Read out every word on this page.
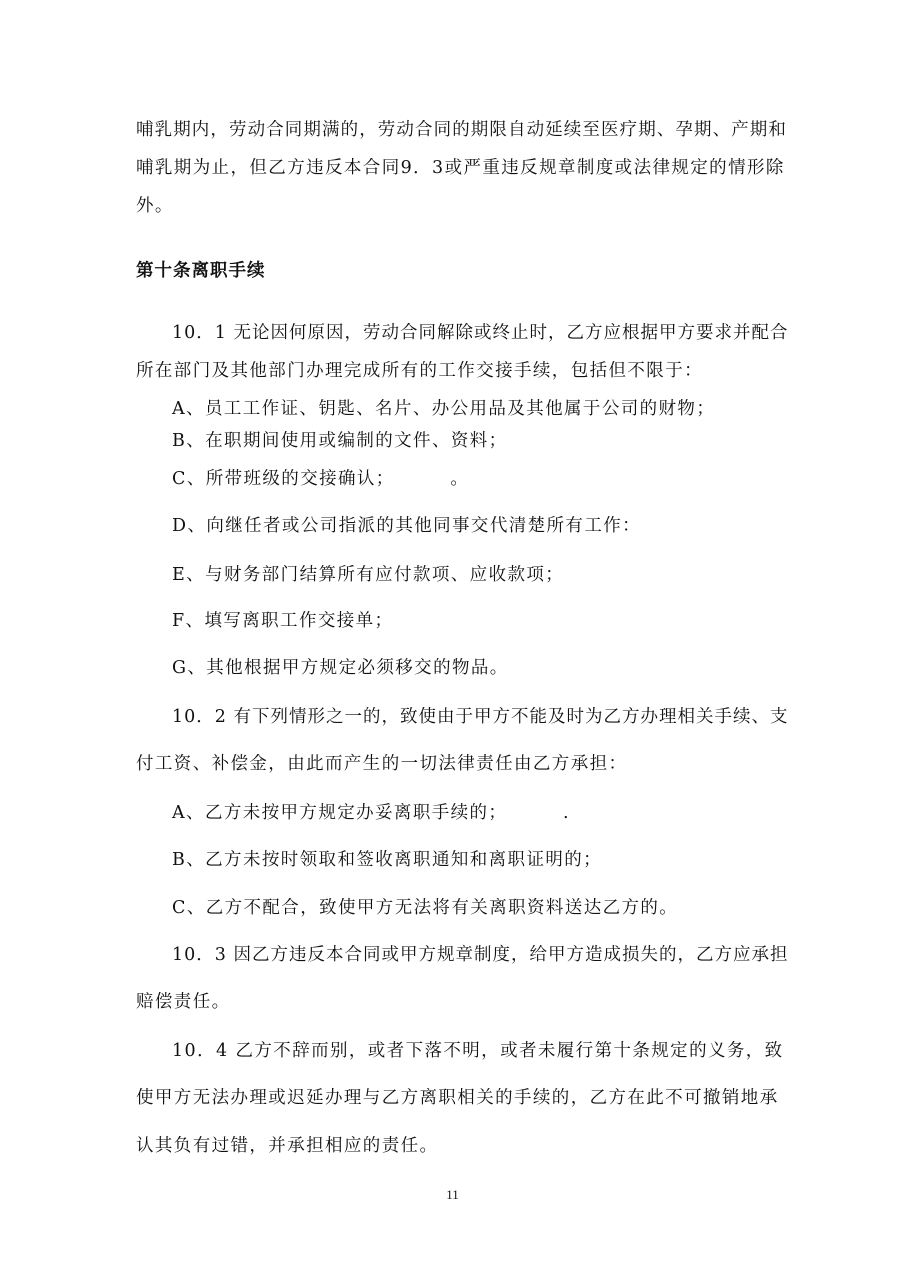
哺乳期内，劳动合同期满的，劳动合同的期限自动延续至医疗期、孕期、产期和
哺乳期为止，但乙方违反本合同9．3或严重违反规章制度或法律规定的情形除
外。
第十条离职手续
10．1 无论因何原因，劳动合同解除或终止时，乙方应根据甲方要求并配合
所在部门及其他部门办理完成所有的工作交接手续，包括但不限于：
A、员工工作证、钥匙、名片、办公用品及其他属于公司的财物；
B、在职期间使用或编制的文件、资料；
C、所带班级的交接确认；        。
D、向继任者或公司指派的其他同事交代清楚所有工作：
E、与财务部门结算所有应付款项、应收款项；
F、填写离职工作交接单；
G、其他根据甲方规定必须移交的物品。
10．2 有下列情形之一的，致使由于甲方不能及时为乙方办理相关手续、支
付工资、补偿金，由此而产生的一切法律责任由乙方承担：
A、乙方未按甲方规定办妥离职手续的；        .
B、乙方未按时领取和签收离职通知和离职证明的；
C、乙方不配合，致使甲方无法将有关离职资料送达乙方的。
10．3 因乙方违反本合同或甲方规章制度，给甲方造成损失的，乙方应承担
赔偿责任。
10．4 乙方不辞而别，或者下落不明，或者未履行第十条规定的义务，致
使甲方无法办理或迟延办理与乙方离职相关的手续的，乙方在此不可撤销地承
认其负有过错，并承担相应的责任。
11
